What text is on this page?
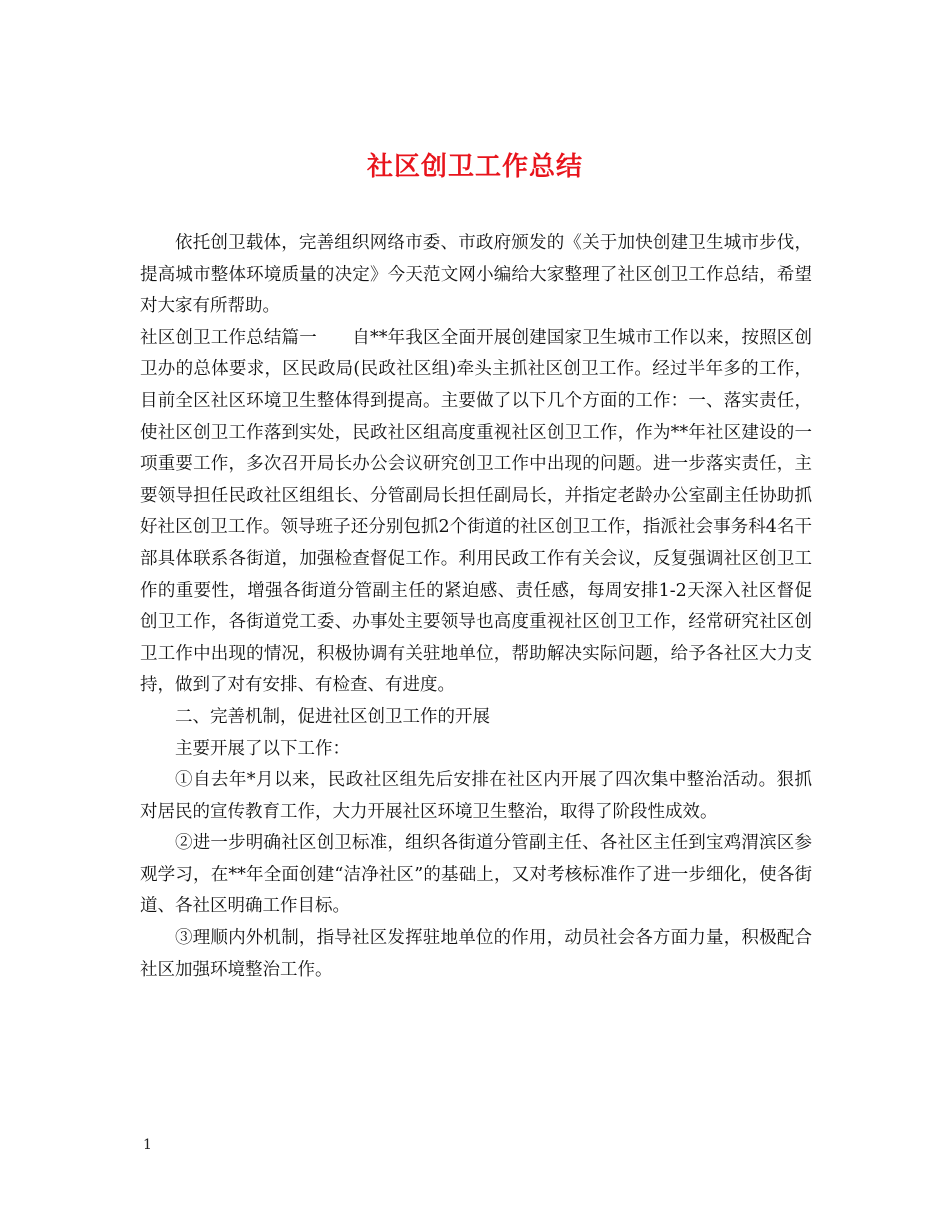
社区创卫工作总结

依托创卫载体，完善组织网络市委、市政府颁发的《关于加快创建卫生城市步伐，提高城市整体环境质量的决定》今天范文网小编给大家整理了社区创卫工作总结，希望对大家有所帮助。

社区创卫工作总结篇一　　自**年我区全面开展创建国家卫生城市工作以来，按照区创卫办的总体要求，区民政局(民政社区组)牵头主抓社区创卫工作。经过半年多的工作，目前全区社区环境卫生整体得到提高。主要做了以下几个方面的工作：一、落实责任，使社区创卫工作落到实处，民政社区组高度重视社区创卫工作，作为**年社区建设的一项重要工作，多次召开局长办公会议研究创卫工作中出现的问题。进一步落实责任，主要领导担任民政社区组组长、分管副局长担任副局长，并指定老龄办公室副主任协助抓好社区创卫工作。领导班子还分别包抓2个街道的社区创卫工作，指派社会事务科4名干部具体联系各街道，加强检查督促工作。利用民政工作有关会议，反复强调社区创卫工作的重要性，增强各街道分管副主任的紧迫感、责任感，每周安排1-2天深入社区督促创卫工作，各街道党工委、办事处主要领导也高度重视社区创卫工作，经常研究社区创卫工作中出现的情况，积极协调有关驻地单位，帮助解决实际问题，给予各社区大力支持，做到了对有安排、有检查、有进度。

二、完善机制，促进社区创卫工作的开展

主要开展了以下工作：

①自去年*月以来，民政社区组先后安排在社区内开展了四次集中整治活动。狠抓对居民的宣传教育工作，大力开展社区环境卫生整治，取得了阶段性成效。

②进一步明确社区创卫标准，组织各街道分管副主任、各社区主任到宝鸡渭滨区参观学习，在**年全面创建“洁净社区”的基础上，又对考核标准作了进一步细化，使各街道、各社区明确工作目标。

③理顺内外机制，指导社区发挥驻地单位的作用，动员社会各方面力量，积极配合社区加强环境整治工作。

1
